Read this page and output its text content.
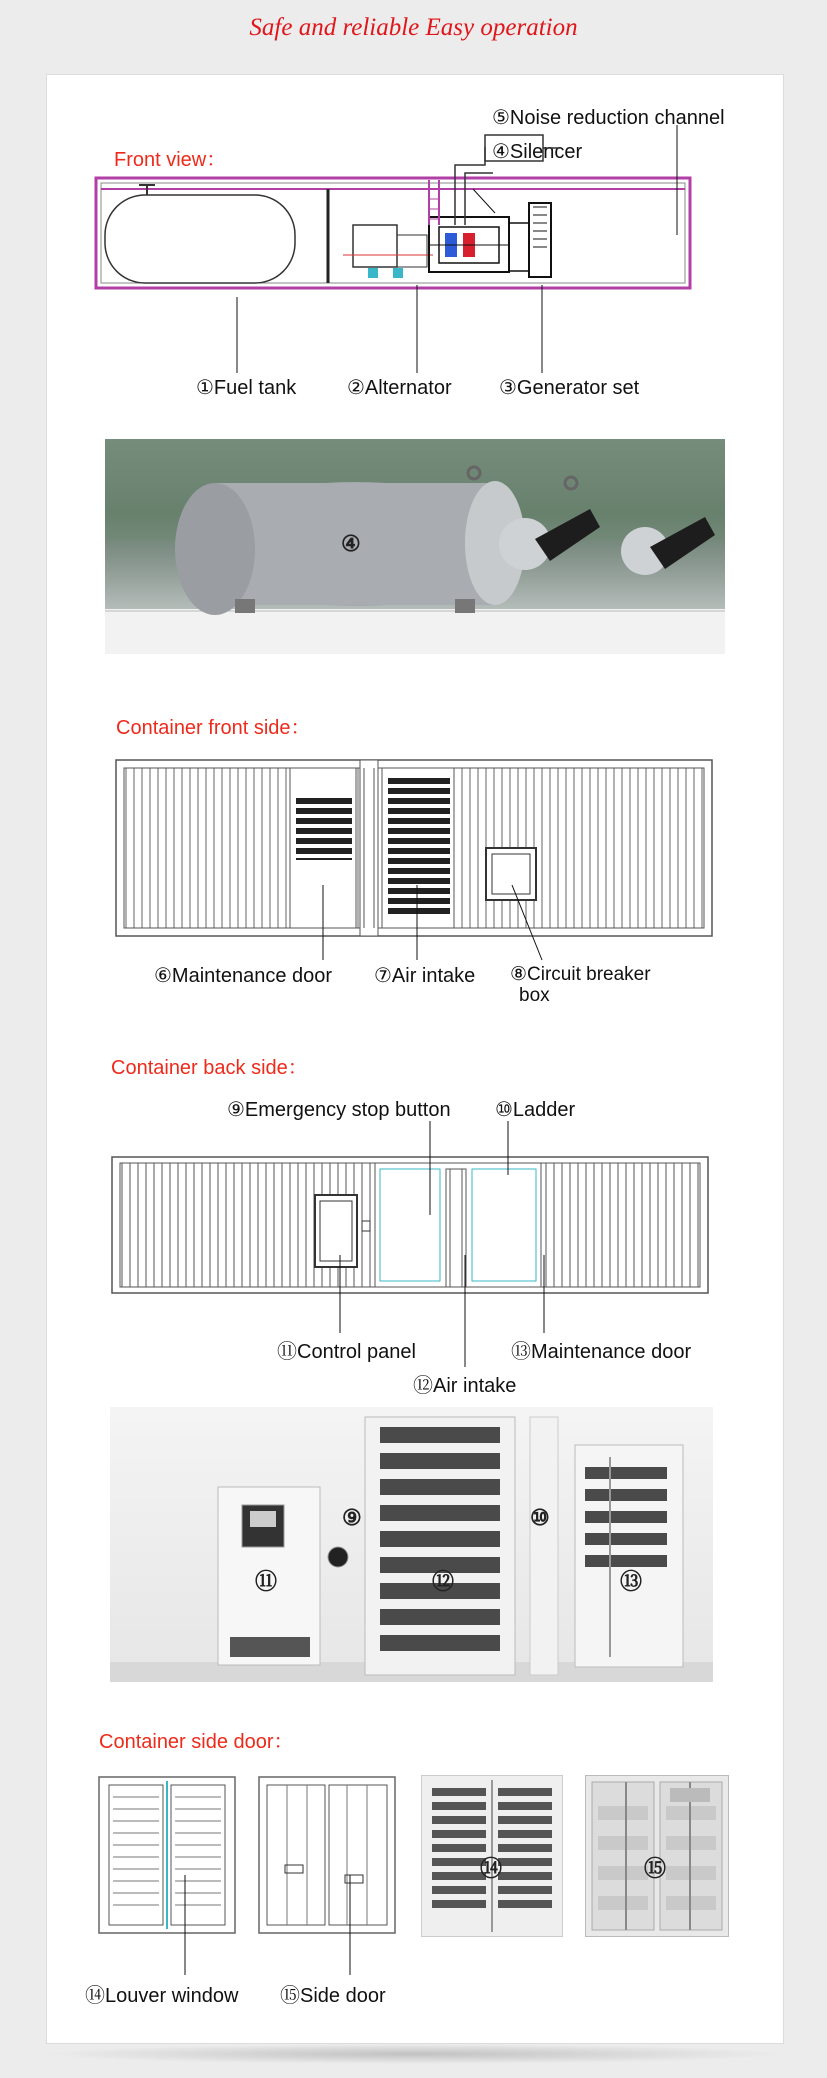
Safe and reliable Easy operation
Front view：
⑤Noise reduction channel
④Silencer
①Fuel tank	②Alternator ③Generator set
④
Container front side：
⑥Maintenance door ⑦Air intake ⑧Circuit breaker
box
Container back side：
⑨Emergency stop button ⑩Ladder
⑪Control panel
⑫Air intake
⑬Maintenance door
⑨	⑩
⑪	⑫	⑬
Container side door：
⑭	⑮
⑭Louver window ⑮Side door
